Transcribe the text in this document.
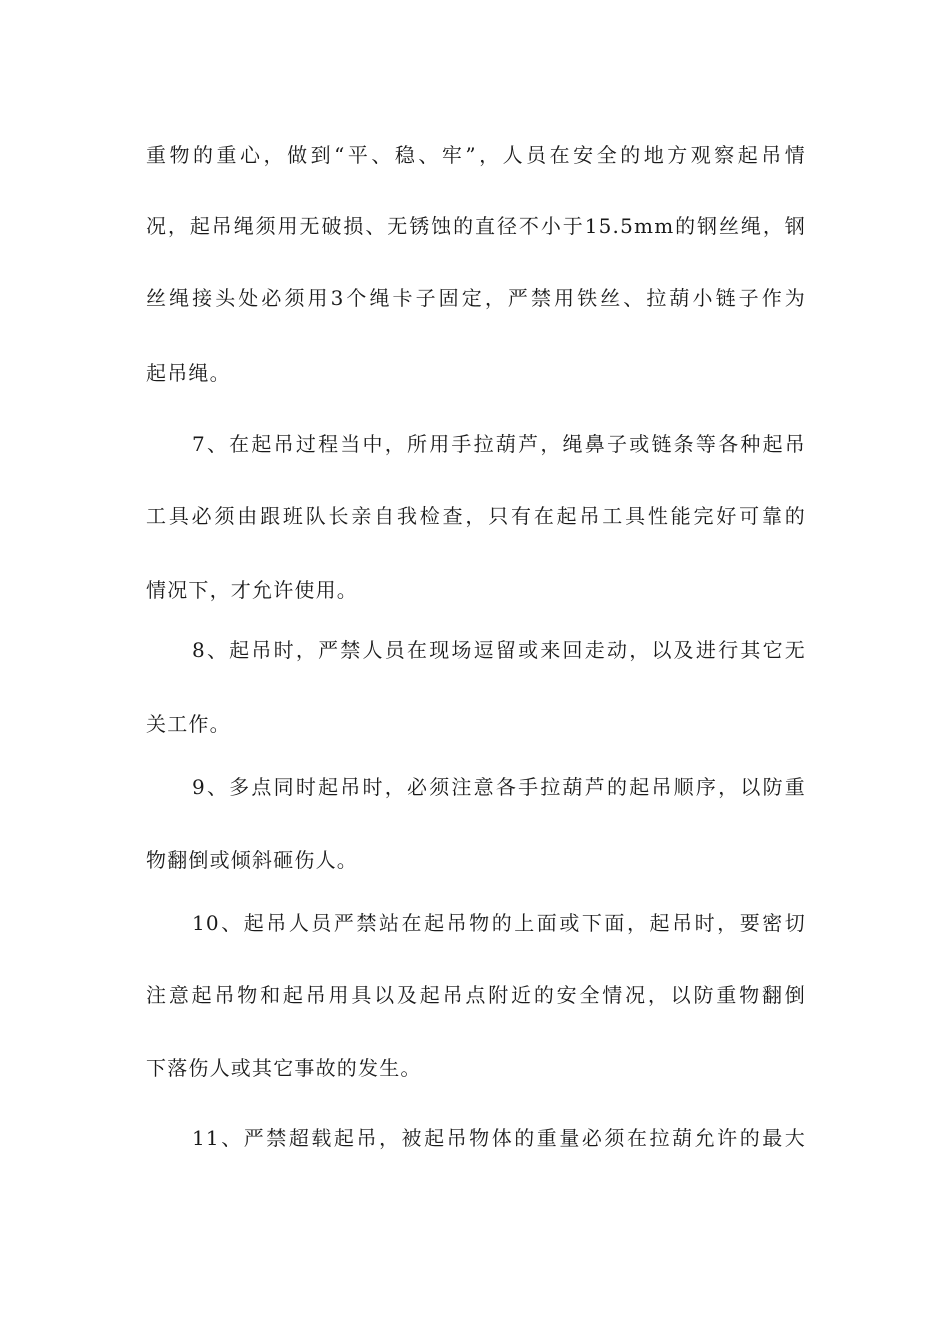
重物的重心，做到“平、稳、牢”，人员在安全的地方观察起吊情
况，起吊绳须用无破损、无锈蚀的直径不小于15.5mm的钢丝绳，钢
丝绳接头处必须用3个绳卡子固定，严禁用铁丝、拉葫小链子作为
起吊绳。
7、在起吊过程当中，所用手拉葫芦，绳鼻子或链条等各种起吊
工具必须由跟班队长亲自我检查，只有在起吊工具性能完好可靠的
情况下，才允许使用。
8、起吊时，严禁人员在现场逗留或来回走动，以及进行其它无
关工作。
9、多点同时起吊时，必须注意各手拉葫芦的起吊顺序，以防重
物翻倒或倾斜砸伤人。
10、起吊人员严禁站在起吊物的上面或下面，起吊时，要密切
注意起吊物和起吊用具以及起吊点附近的安全情况，以防重物翻倒
下落伤人或其它事故的发生。
11、严禁超载起吊，被起吊物体的重量必须在拉葫允许的最大
